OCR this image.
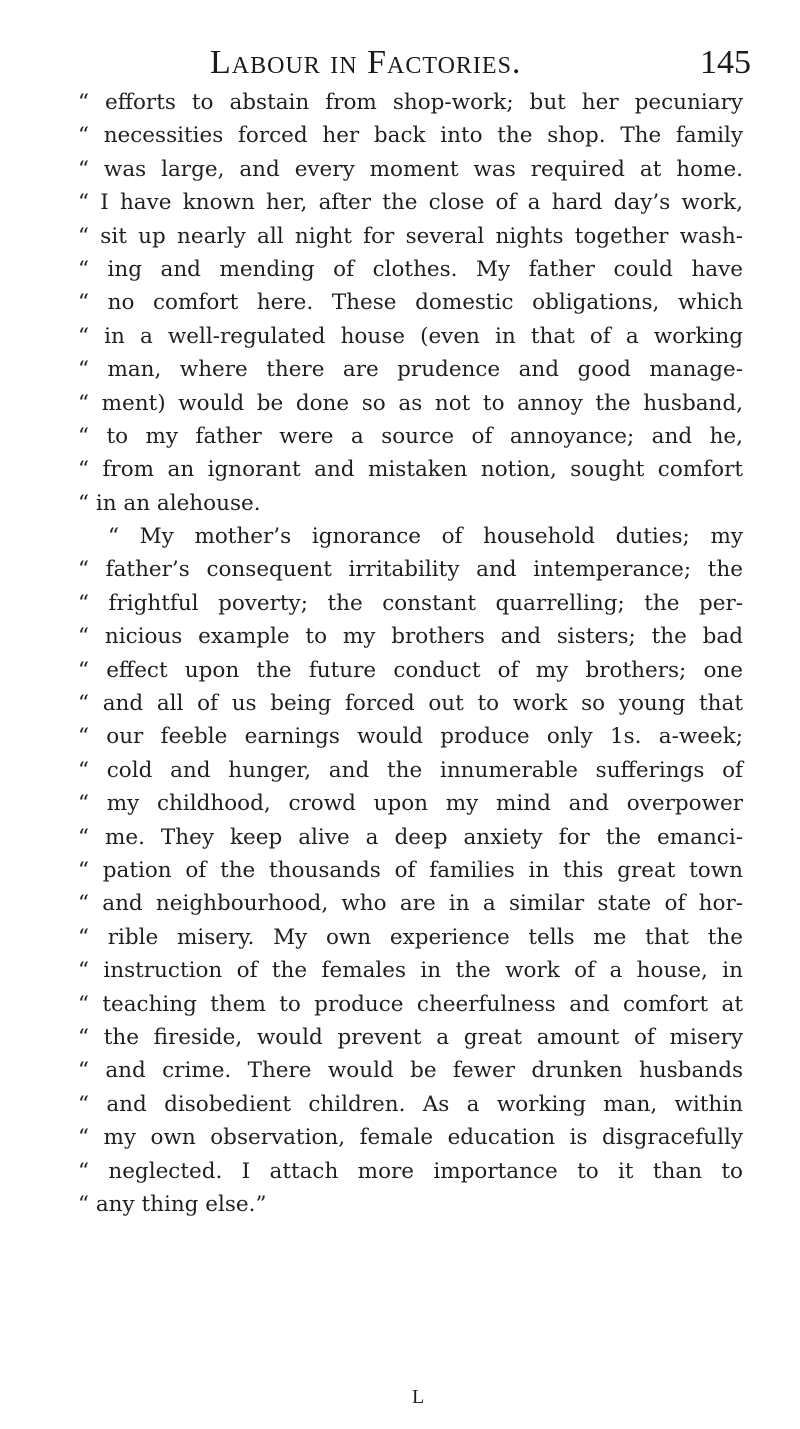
Labour in Factories.	145
“ efforts to abstain from shop-work; but her pecuniary
“ necessities forced her back into the shop. The family
“ was large, and every moment was required at home.
“ I have known her, after the close of a hard day’s work,
“ sit up nearly all night for several nights together wash-
“ ing and mending of clothes. My father could have
“ no comfort here. These domestic obligations, which
“ in a well-regulated house (even in that of a working
“ man, where there are prudence and good manage-
“ ment) would be done so as not to annoy the husband,
“ to my father were a source of annoyance; and he,
“ from an ignorant and mistaken notion, sought comfort
“ in an alehouse.
“ My mother’s ignorance of household duties; my
“ father’s consequent irritability and intemperance; the
“ frightful poverty; the constant quarrelling; the per-
“ nicious example to my brothers and sisters; the bad
“ effect upon the future conduct of my brothers; one
“ and all of us being forced out to work so young that
“ our feeble earnings would produce only 1s. a-week;
“ cold and hunger, and the innumerable sufferings of
“ my childhood, crowd upon my mind and overpower
“ me. They keep alive a deep anxiety for the emanci-
“ pation of the thousands of families in this great town
“ and neighbourhood, who are in a similar state of hor-
“ rible misery. My own experience tells me that the
“ instruction of the females in the work of a house, in
“ teaching them to produce cheerfulness and comfort at
“ the fireside, would prevent a great amount of misery
“ and crime. There would be fewer drunken husbands
“ and disobedient children. As a working man, within
“ my own observation, female education is disgracefully
“ neglected. I attach more importance to it than to
“ any thing else.”
L
